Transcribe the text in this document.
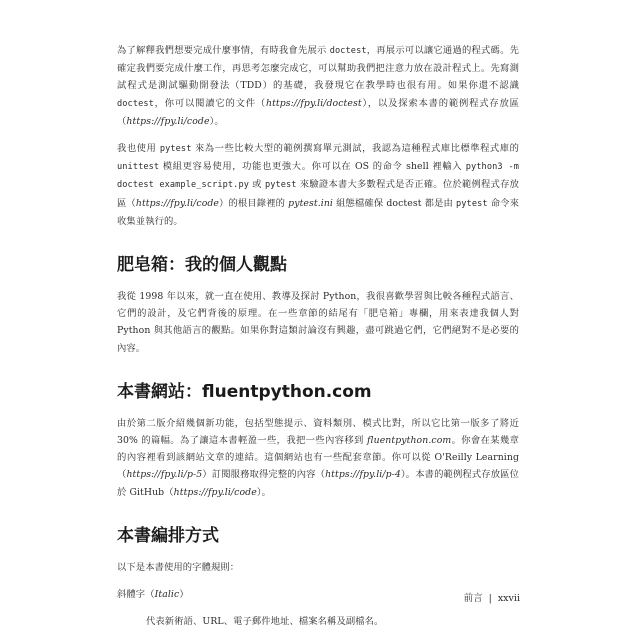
為了解釋我們想要完成什麼事情，有時我會先展示 doctest，再展示可以讓它通過的程式碼。先確定我們要完成什麼工作，再思考怎麼完成它，可以幫助我們把注意力放在設計程式上。先寫測試程式是測試驅動開發法（TDD）的基礎，我發現它在教學時也很有用。如果你還不認識 doctest，你可以閱讀它的文件（https://fpy.li/doctest），以及探索本書的範例程式存放區（https://fpy.li/code）。

我也使用 pytest 來為一些比較大型的範例撰寫單元測試，我認為這種程式庫比標準程式庫的 unittest 模組更容易使用，功能也更強大。你可以在 OS 的命令 shell 裡輸入 python3 -m doctest example_script.py 或 pytest 來驗證本書大多數程式是否正確。位於範例程式存放區（https://fpy.li/code）的根目錄裡的 pytest.ini 組態檔確保 doctest 都是由 pytest 命令來收集並執行的。

肥皂箱：我的個人觀點

我從 1998 年以來，就一直在使用、教導及探討 Python，我很喜歡學習與比較各種程式語言、它們的設計，及它們背後的原理。在一些章節的結尾有「肥皂箱」專欄，用來表達我個人對 Python 與其他語言的觀點。如果你對這類討論沒有興趣，盡可跳過它們，它們絕對不是必要的內容。

本書網站：fluentpython.com

由於第二版介紹幾個新功能，包括型態提示、資料類別、模式比對，所以它比第一版多了將近 30% 的篇幅。為了讓這本書輕盈一些，我把一些內容移到 fluentpython.com。你會在某幾章的內容裡看到該網站文章的連結。這個網站也有一些配套章節。你可以從 O'Reilly Learning（https://fpy.li/p-5）訂閱服務取得完整的內容（https://fpy.li/p-4）。本書的範例程式存放區位於 GitHub（https://fpy.li/code）。

本書編排方式

以下是本書使用的字體規則：

斜體字（Italic）

代表新術語、URL、電子郵件地址、檔案名稱及副檔名。

前言 | xxvii
